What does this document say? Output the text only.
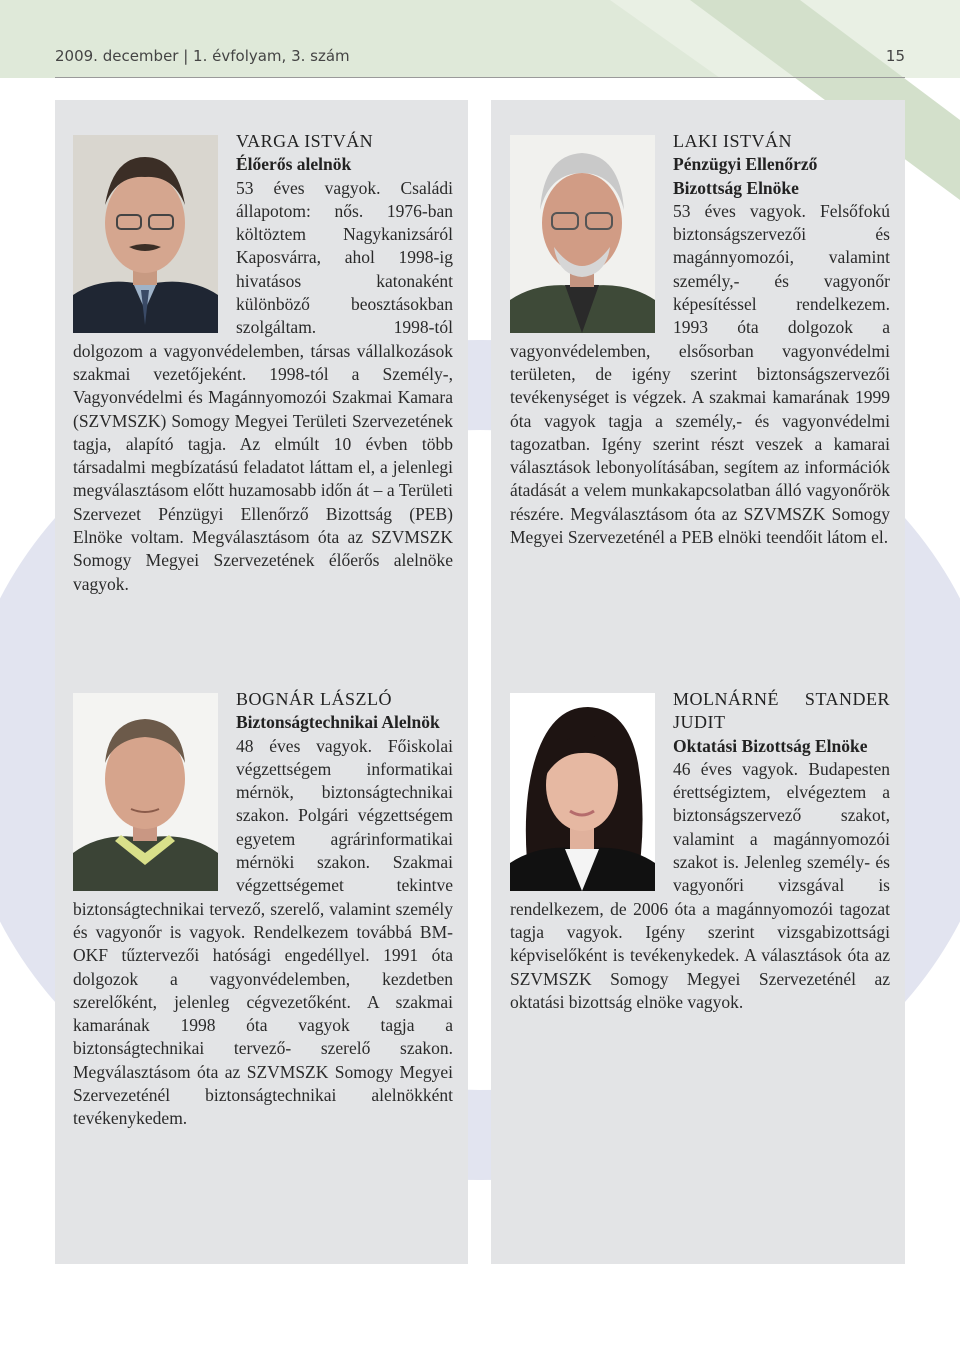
2009. december | 1. évfolyam, 3. szám	15
VARGA ISTVÁN
Élőerős alelnök
53 éves vagyok. Családi állapotom: nős. 1976-ban költöztem Nagykanizsáról Kaposvárra, ahol 1998-ig hivatásos katonaként különböző beosztásokban szolgáltam. 1998-tól dolgozom a vagyonvédelemben, társas vállalkozások szakmai vezetőjeként. 1998-tól a Személy-, Vagyonvédelmi és Magánnyomozói Szakmai Kamara (SZVMSZK) Somogy Megyei Területi Szervezetének tagja, alapító tagja. Az elmúlt 10 évben több társadalmi megbízatású feladatot láttam el, a jelenlegi megválasztásom előtt huzamosabb időn át – a Területi Szervezet Pénzügyi Ellenőrző Bizottság (PEB) Elnöke voltam. Megválasztásom óta az SZVMSZK Somogy Megyei Szervezetének élőerős alelnöke vagyok.
LAKI ISTVÁN
Pénzügyi Ellenőrző Bizottság Elnöke
53 éves vagyok. Felsőfokú biztonságszervezői és magánnyomozói, valamint személy,- és vagyonőr képesítéssel rendelkezem. 1993 óta dolgozok a vagyonvédelemben, elsősorban vagyonvédelmi területen, de igény szerint biztonságszervezői tevékenységet is végzek. A szakmai kamarának 1999 óta vagyok tagja a személy,- és vagyonvédelmi tagozatban. Igény szerint részt veszek a kamarai választások lebonyolításában, segítem az információk átadását a velem munkakapcsolatban álló vagyonőrök részére. Megválasztásom óta az SZVMSZK Somogy Megyei Szervezeténél a PEB elnöki teendőit látom el.
BOGNÁR LÁSZLÓ
Biztonságtechnikai Alelnök
48 éves vagyok. Főiskolai végzettségem informatikai mérnök, biztonságtechnikai szakon. Polgári végzettségem egyetem agrárinformatikai mérnöki szakon. Szakmai végzettségemet tekintve biztonságtechnikai tervező, szerelő, valamint személy és vagyonőr is vagyok. Rendelkezem továbbá BM-OKF tűztervezői hatósági engedéllyel. 1991 óta dolgozok a vagyonvédelemben, kezdetben szerelőként, jelenleg cégvezetőként. A szakmai kamarának 1998 óta vagyok tagja a biztonságtechnikai tervező- szerelő szakon. Megválasztásom óta az SZVMSZK Somogy Megyei Szervezeténél biztonságtechnikai alelnökként tevékenykedem.
MOLNÁRNÉ STANDER JUDIT
Oktatási Bizottság Elnöke
46 éves vagyok. Budapesten érettségiztem, elvégeztem a biztonságszervező szakot, valamint a magánnyomozói szakot is. Jelenleg személy- és vagyonőri vizsgával is rendelkezem, de 2006 óta a magánnyomozói tagozat tagja vagyok. Igény szerint vizsgabizottsági képviselőként is tevékenykedek. A választások óta az SZVMSZK Somogy Megyei Szervezeténél az oktatási bizottság elnöke vagyok.
